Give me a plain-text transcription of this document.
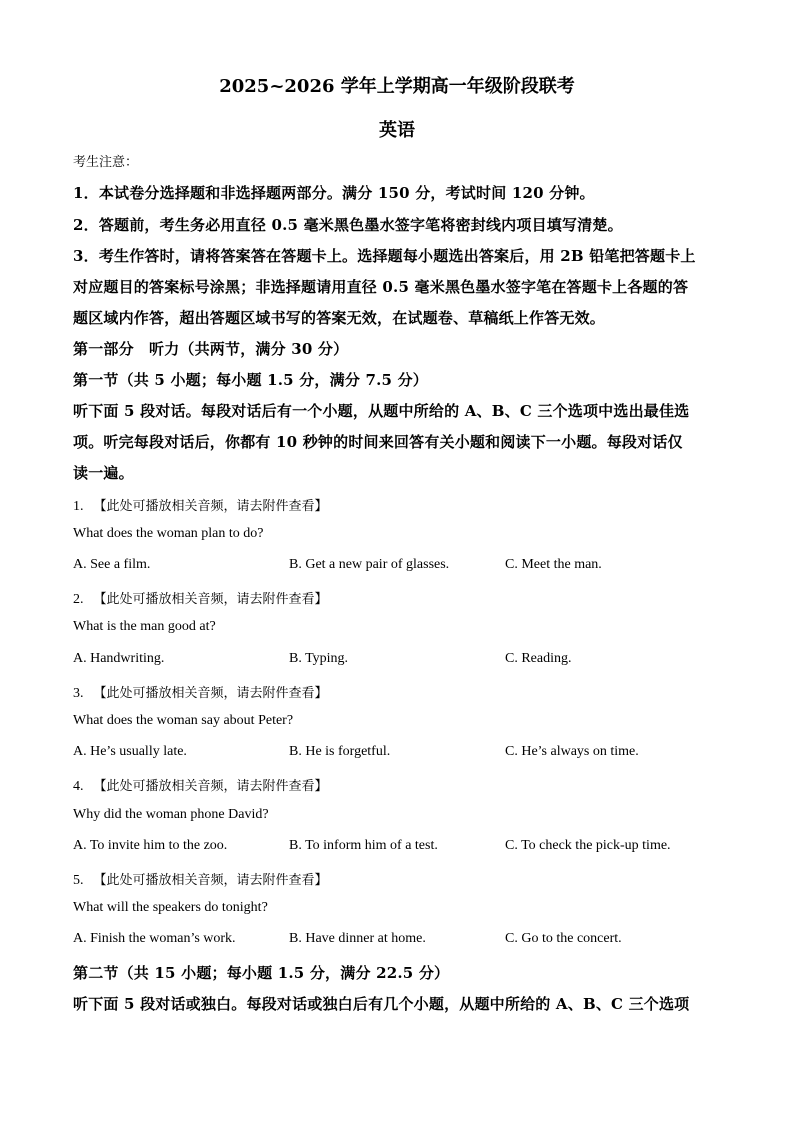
2025~2026 学年上学期高一年级阶段联考
英语
考生注意：
1．本试卷分选择题和非选择题两部分。满分 150 分，考试时间 120 分钟。
2．答题前，考生务必用直径 0.5 毫米黑色墨水签字笔将密封线内项目填写清楚。
3．考生作答时，请将答案答在答题卡上。选择题每小题选出答案后，用 2B 铅笔把答题卡上
对应题目的答案标号涂黑；非选择题请用直径 0.5 毫米黑色墨水签字笔在答题卡上各题的答
题区域内作答，超出答题区域书写的答案无效，在试题卷、草稿纸上作答无效。
第一部分　听力（共两节，满分 30 分）
第一节（共 5 小题；每小题 1.5 分，满分 7.5 分）
听下面 5 段对话。每段对话后有一个小题，从题中所给的 A、B、C 三个选项中选出最佳选
项。听完每段对话后，你都有 10 秒钟的时间来回答有关小题和阅读下一小题。每段对话仅
读一遍。
1. 【此处可播放相关音频，请去附件查看】
What does the woman plan to do?
A. See a film.	B. Get a new pair of glasses.	C. Meet the man.
2. 【此处可播放相关音频，请去附件查看】
What is the man good at?
A. Handwriting.	B. Typing.	C. Reading.
3. 【此处可播放相关音频，请去附件查看】
What does the woman say about Peter?
A. He’s usually late.	B. He is forgetful.	C. He’s always on time.
4. 【此处可播放相关音频，请去附件查看】
Why did the woman phone David?
A. To invite him to the zoo.	B. To inform him of a test.	C. To check the pick-up time.
5. 【此处可播放相关音频，请去附件查看】
What will the speakers do tonight?
A. Finish the woman’s work.	B. Have dinner at home.	C. Go to the concert.
第二节（共 15 小题；每小题 1.5 分，满分 22.5 分）
听下面 5 段对话或独白。每段对话或独白后有几个小题，从题中所给的 A、B、C 三个选项
